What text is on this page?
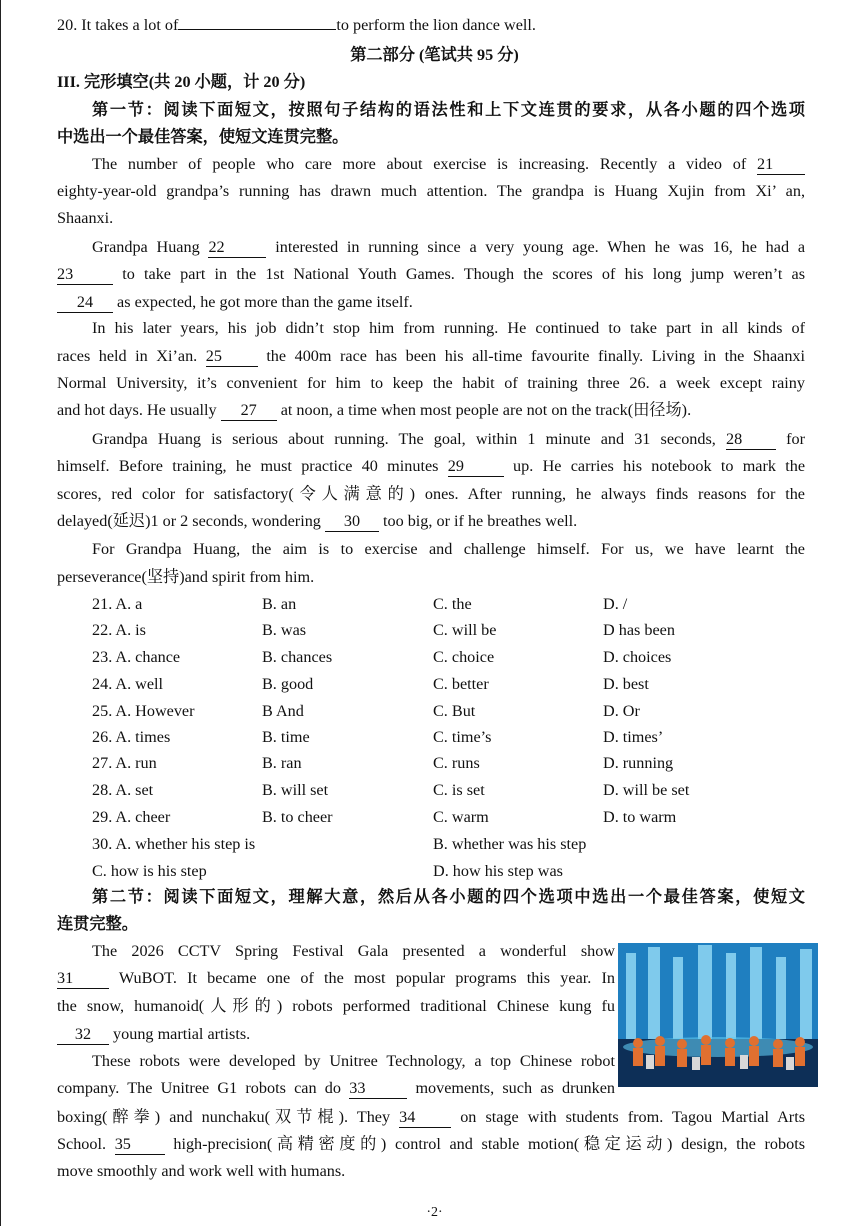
20. It takes a lot of	to perform the lion dance well.
第二部分 (笔试共 95 分)
III. 完形填空(共 20 小题，计 20 分)
第一节：阅读下面短文，按照句子结构的语法性和上下文连贯的要求，从各小题的四个选项
中选出一个最佳答案，使短文连贯完整。
The number of people who care more about exercise is increasing. Recently a video of 21
eighty-year-old grandpa’s running has drawn much attention. The grandpa is Huang Xujin from Xi’ an,
Shaanxi.
Grandpa Huang 22	interested in running since a very young age. When he was 16, he had a
23	to take part in the 1st National Youth Games. Though the scores of his long jump weren’t as
24 as expected, he got more than the game itself.
In his later years, his job didn’t stop him from running. He continued to take part in all kinds of
races held in Xi’an. 25	the 400m race has been his all-time favourite finally. Living in the Shaanxi
Normal University, it’s convenient for him to keep the habit of training three 26. a week except rainy
and hot days. He usually 27 at noon, a time when most people are not on the track(田径场).
Grandpa Huang is serious about running. The goal, within 1 minute and 31 seconds, 28	for
himself. Before training, he must practice 40 minutes 29	up. He carries his notebook to mark the
scores, red color for satisfactory(令人满意的) ones. After running, he always finds reasons for the
delayed(延迟)1 or 2 seconds, wondering 30 too big, or if he breathes well.
For Grandpa Huang, the aim is to exercise and challenge himself. For us, we have learnt the
perseverance(坚持)and spirit from him.
21. A. a	B. an	C. the	D. /
22. A. is	B. was	C. will be	D has been
23. A. chance	B. chances	C. choice	D. choices
24. A. well	B. good	C. better	D. best
25. A. However	B And	C. But	D. Or
26. A. times	B. time	C. time’s	D. times’
27. A. run	B. ran	C. runs	D. running
28. A. set	B. will set	C. is set	D. will be set
29. A. cheer	B. to cheer	C. warm	D. to warm
30. A. whether his step is	B. whether was his step
C. how is his step	D. how his step was
第二节：阅读下面短文，理解大意，然后从各小题的四个选项中选出一个最佳答案，使短文
连贯完整。
The 2026 CCTV Spring Festival Gala presented a wonderful show
31	WuBOT. It became one of the most popular programs this year. In
the snow, humanoid(人形的) robots performed traditional Chinese kung fu
32 young martial artists.
These robots were developed by Unitree Technology, a top Chinese robot
company. The Unitree G1 robots can do 33	movements, such as drunken
boxing(醉拳) and nunchaku(双节棍). They 34	on stage with students from. Tagou Martial Arts
School. 35	high-precision(高精密度的) control and stable motion(稳定运动) design, the robots
move smoothly and work well with humans.
·2·
